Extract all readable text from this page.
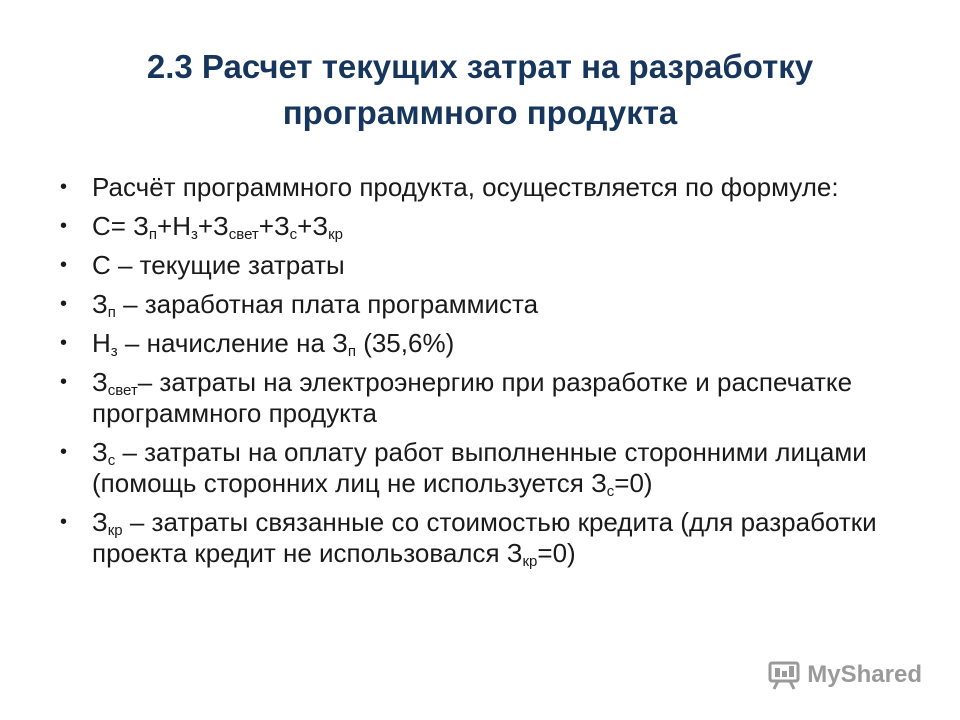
2.3 Расчет текущих затрат на разработку
программного продукта
• Расчёт программного продукта, осуществляется по формуле:
• $С= З_п+Н_з+З_{свет}+З_с+З_{кр}$
• С – текущие затраты
• $З_п$ – заработная плата программиста
• $Н_з$ – начисление на $З_п$ (35,6%)
• $З_{свет}-$ затраты на электроэнергию при разработке и распечатке программного продукта
• $З_с$ – затраты на оплату работ выполненные сторонними лицами (помощь сторонних лиц не используется $З_с=0$)
• $З_{кр}$ – затраты связанные со стоимостью кредита (для разработки проекта кредит не использовался $З_{кр}=0$)
MyShared
